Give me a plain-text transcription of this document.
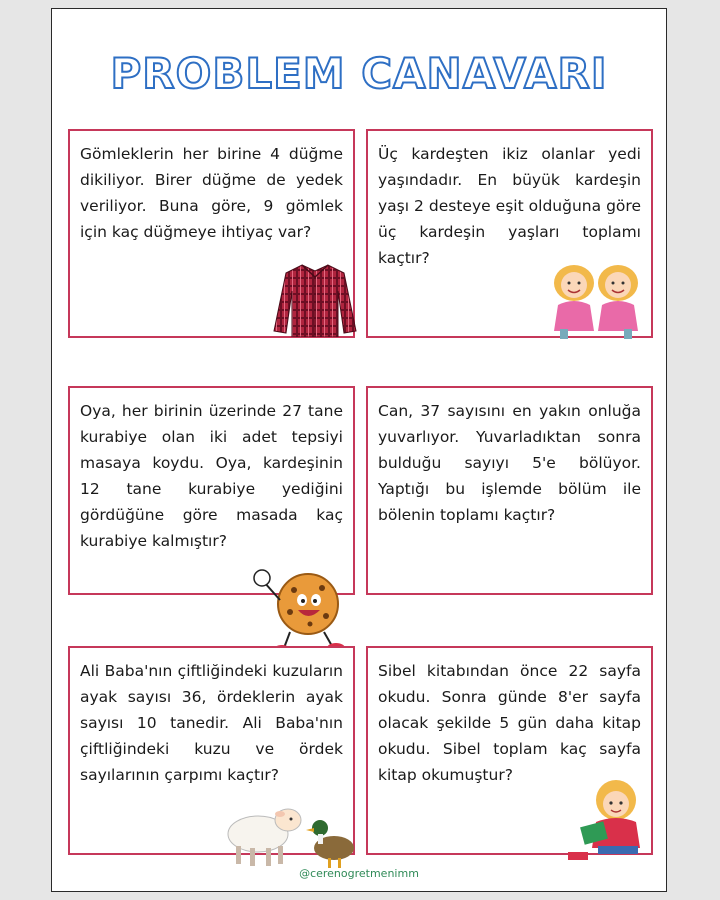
PROBLEM CANAVARI

Gömleklerin her birine 4 düğme dikiliyor. Birer düğme de yedek veriliyor. Buna göre, 9 gömlek için kaç düğmeye ihtiyaç var?

Üç kardeşten ikiz olanlar yedi yaşındadır. En büyük kardeşin yaşı 2 desteye eşit olduğuna göre üç kardeşin yaşları toplamı kaçtır?

Oya, her birinin üzerinde 27 tane kurabiye olan iki adet tepsiyi masaya koydu. Oya, kardeşinin 12 tane kurabiye yediğini gördüğüne göre masada kaç kurabiye kalmıştır?

Can, 37 sayısını en yakın onluğa yuvarlıyor. Yuvarladıktan sonra bulduğu sayıyı 5'e bölüyor. Yaptığı bu işlemde bölüm ile bölenin toplamı kaçtır?

Ali Baba'nın çiftliğindeki kuzuların ayak sayısı 36, ördeklerin ayak sayısı 10 tanedir. Ali Baba'nın çiftliğindeki kuzu ve ördek sayılarının çarpımı kaçtır?

Sibel kitabından önce 22 sayfa okudu. Sonra günde 8'er sayfa olacak şekilde 5 gün daha kitap okudu. Sibel toplam kaç sayfa kitap okumuştur?

@cerenogretmenimm
